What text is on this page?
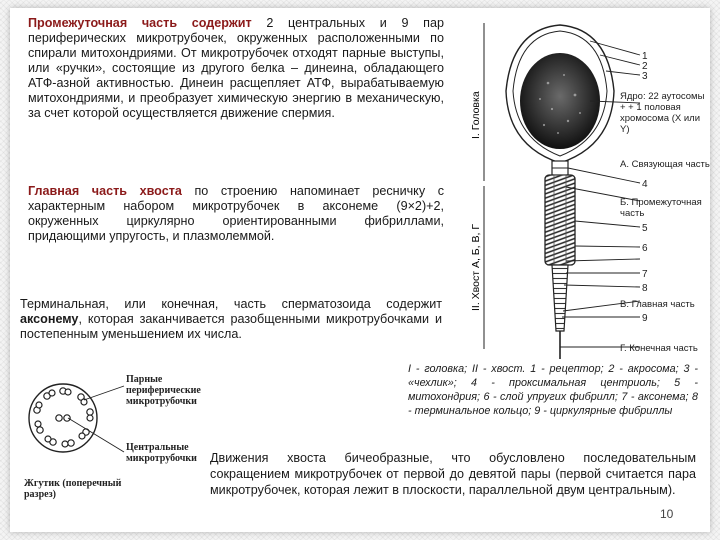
Промежуточная часть содержит 2 центральных и 9 пар периферических микротрубочек, окруженных расположенными по спирали митохондриями. От микротрубочек отходят парные выступы, или «ручки», состоящие из другого белка – динеина, обладающего АТФ-азной активностью. Динеин расщепляет АТФ, вырабатываемую митохондриями, и преобразует химическую энергию в механическую, за счет которой осуществляется движение спермия.

Главная часть хвоста по строению напоминает ресничку с характерным набором микротрубочек в аксонеме (9×2)+2, окруженных циркулярно ориентированными фибриллами, придающими упругость, и плазмолеммой.

Терминальная, или конечная, часть сперматозоида содержит аксонему, которая заканчивается разобщенными микротрубочками и постепенным уменьшением их числа.

I - головка; II - хвост. 1 - рецептор; 2 - акросома; 3 - «чехлик»; 4 - проксимальная центриоль; 5 - митохондрия; 6 - слой упругих фибрилл; 7 - аксонема; 8 - терминальное кольцо; 9 - циркулярные фибриллы

Движения хвоста бичеобразные, что обусловлено последовательным сокращением микротрубочек от первой до девятой пары (первой считается пара микротрубочек, которая лежит в плоскости, параллельной двум центральным).

10
I. Головка
II. Хвост А, Б, В, Г
1
2
3
4
5
6
7
8
9
Ядро: 22 аутосомы + + 1 половая хромосома (X или Y)
А. Связующая часть
Б. Промежуточная часть
В. Главная часть
Г. Конечная часть
Парные периферические микротрубочки
Центральные микротрубочки
Жгутик (поперечный разрез)
